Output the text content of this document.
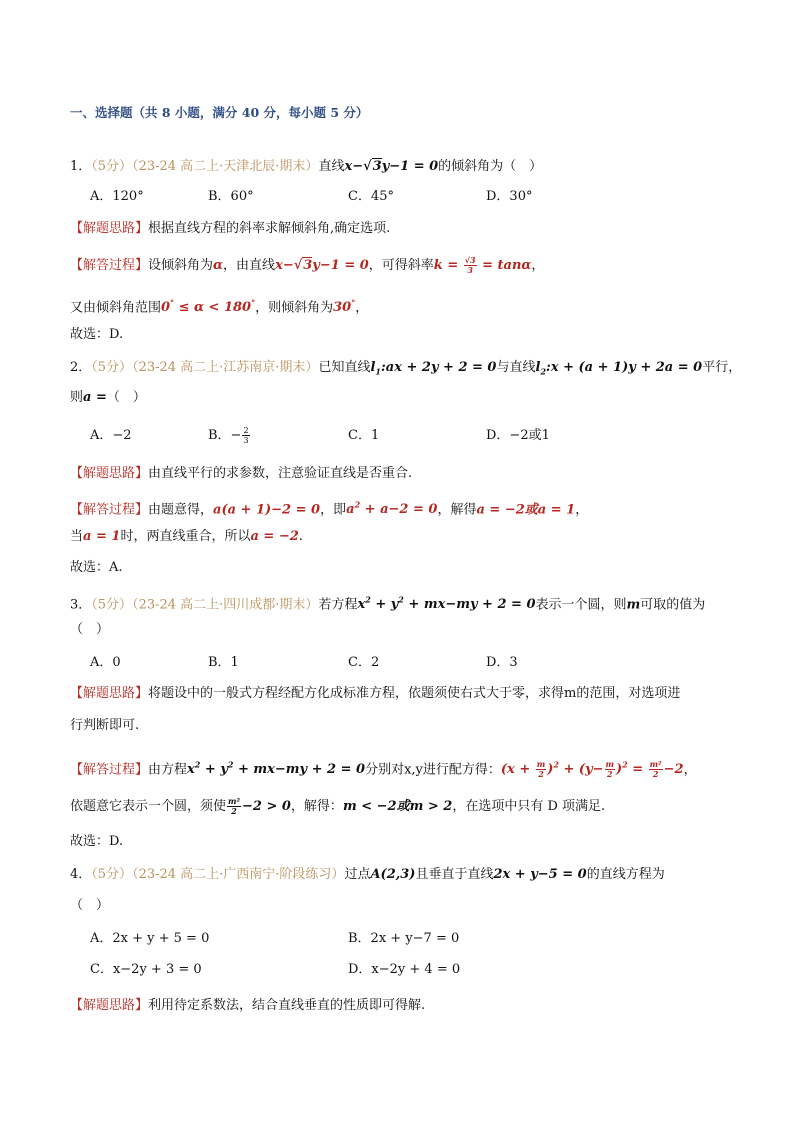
一、选择题（共 8 小题，满分 40 分，每小题 5 分）
1．（5分）（23-24 高二上·天津北辰·期末）直线x−√3y−1 = 0的倾斜角为（　）
A．120°	B．60°	C．45°	D．30°
【解题思路】根据直线方程的斜率求解倾斜角,确定选项.
【解答过程】设倾斜角为α，由直线x−√3y−1 = 0，可得斜率$k = \frac{√3}{3} = \tan\alpha$，
又由倾斜角范围0° ≤ α < 180°，则倾斜角为30°，
故选：D.
2．（5分）（23-24 高二上·江苏南京·期末）已知直线$l_1:ax + 2y + 2 = 0$与直线$l_2:x + (a + 1)y + 2a = 0$平行，
则a =（　）
A．−2	B．− $\frac{2}{3}$	C．1	D．−2或1
【解题思路】由直线平行的求参数，注意验证直线是否重合.
【解答过程】由题意得，a(a + 1)−2 = 0，即$a^2 + a-2 = 0$，解得a = −2或a = 1，
当a = 1时，两直线重合，所以a = −2.
故选：A.
3．（5分）（23-24 高二上·四川成都·期末）若方程$x^2 + y^2 + mx-my + 2 = 0$表示一个圆，则m可取的值为
（　）
A．0	B．1	C．2	D．3
【解题思路】将题设中的一般式方程经配方化成标准方程，依题须使右式大于零，求得m的范围，对选项进
行判断即可.
【解答过程】由方程$x^2 + y^2 + mx-my + 2 = 0$分别对x,y进行配方得：$(x + \frac{m}{2} )^2 + (y- \frac{m}{2} )^2 = \frac{\text{m²}}{2} -2$，
依题意它表示一个圆，须使 $\frac{\text{m²}}{2} -2 > 0$，解得：m < −2或m > 2，在选项中只有 D 项满足.
故选：D.
4．（5分）（23-24 高二上·广西南宁·阶段练习）过点A(2,3)且垂直于直线2x + y−5 = 0的直线方程为
（　）
A．2x + y + 5 = 0	B．2x + y−7 = 0
C．x−2y + 3 = 0	D．x−2y + 4 = 0
【解题思路】利用待定系数法，结合直线垂直的性质即可得解.
